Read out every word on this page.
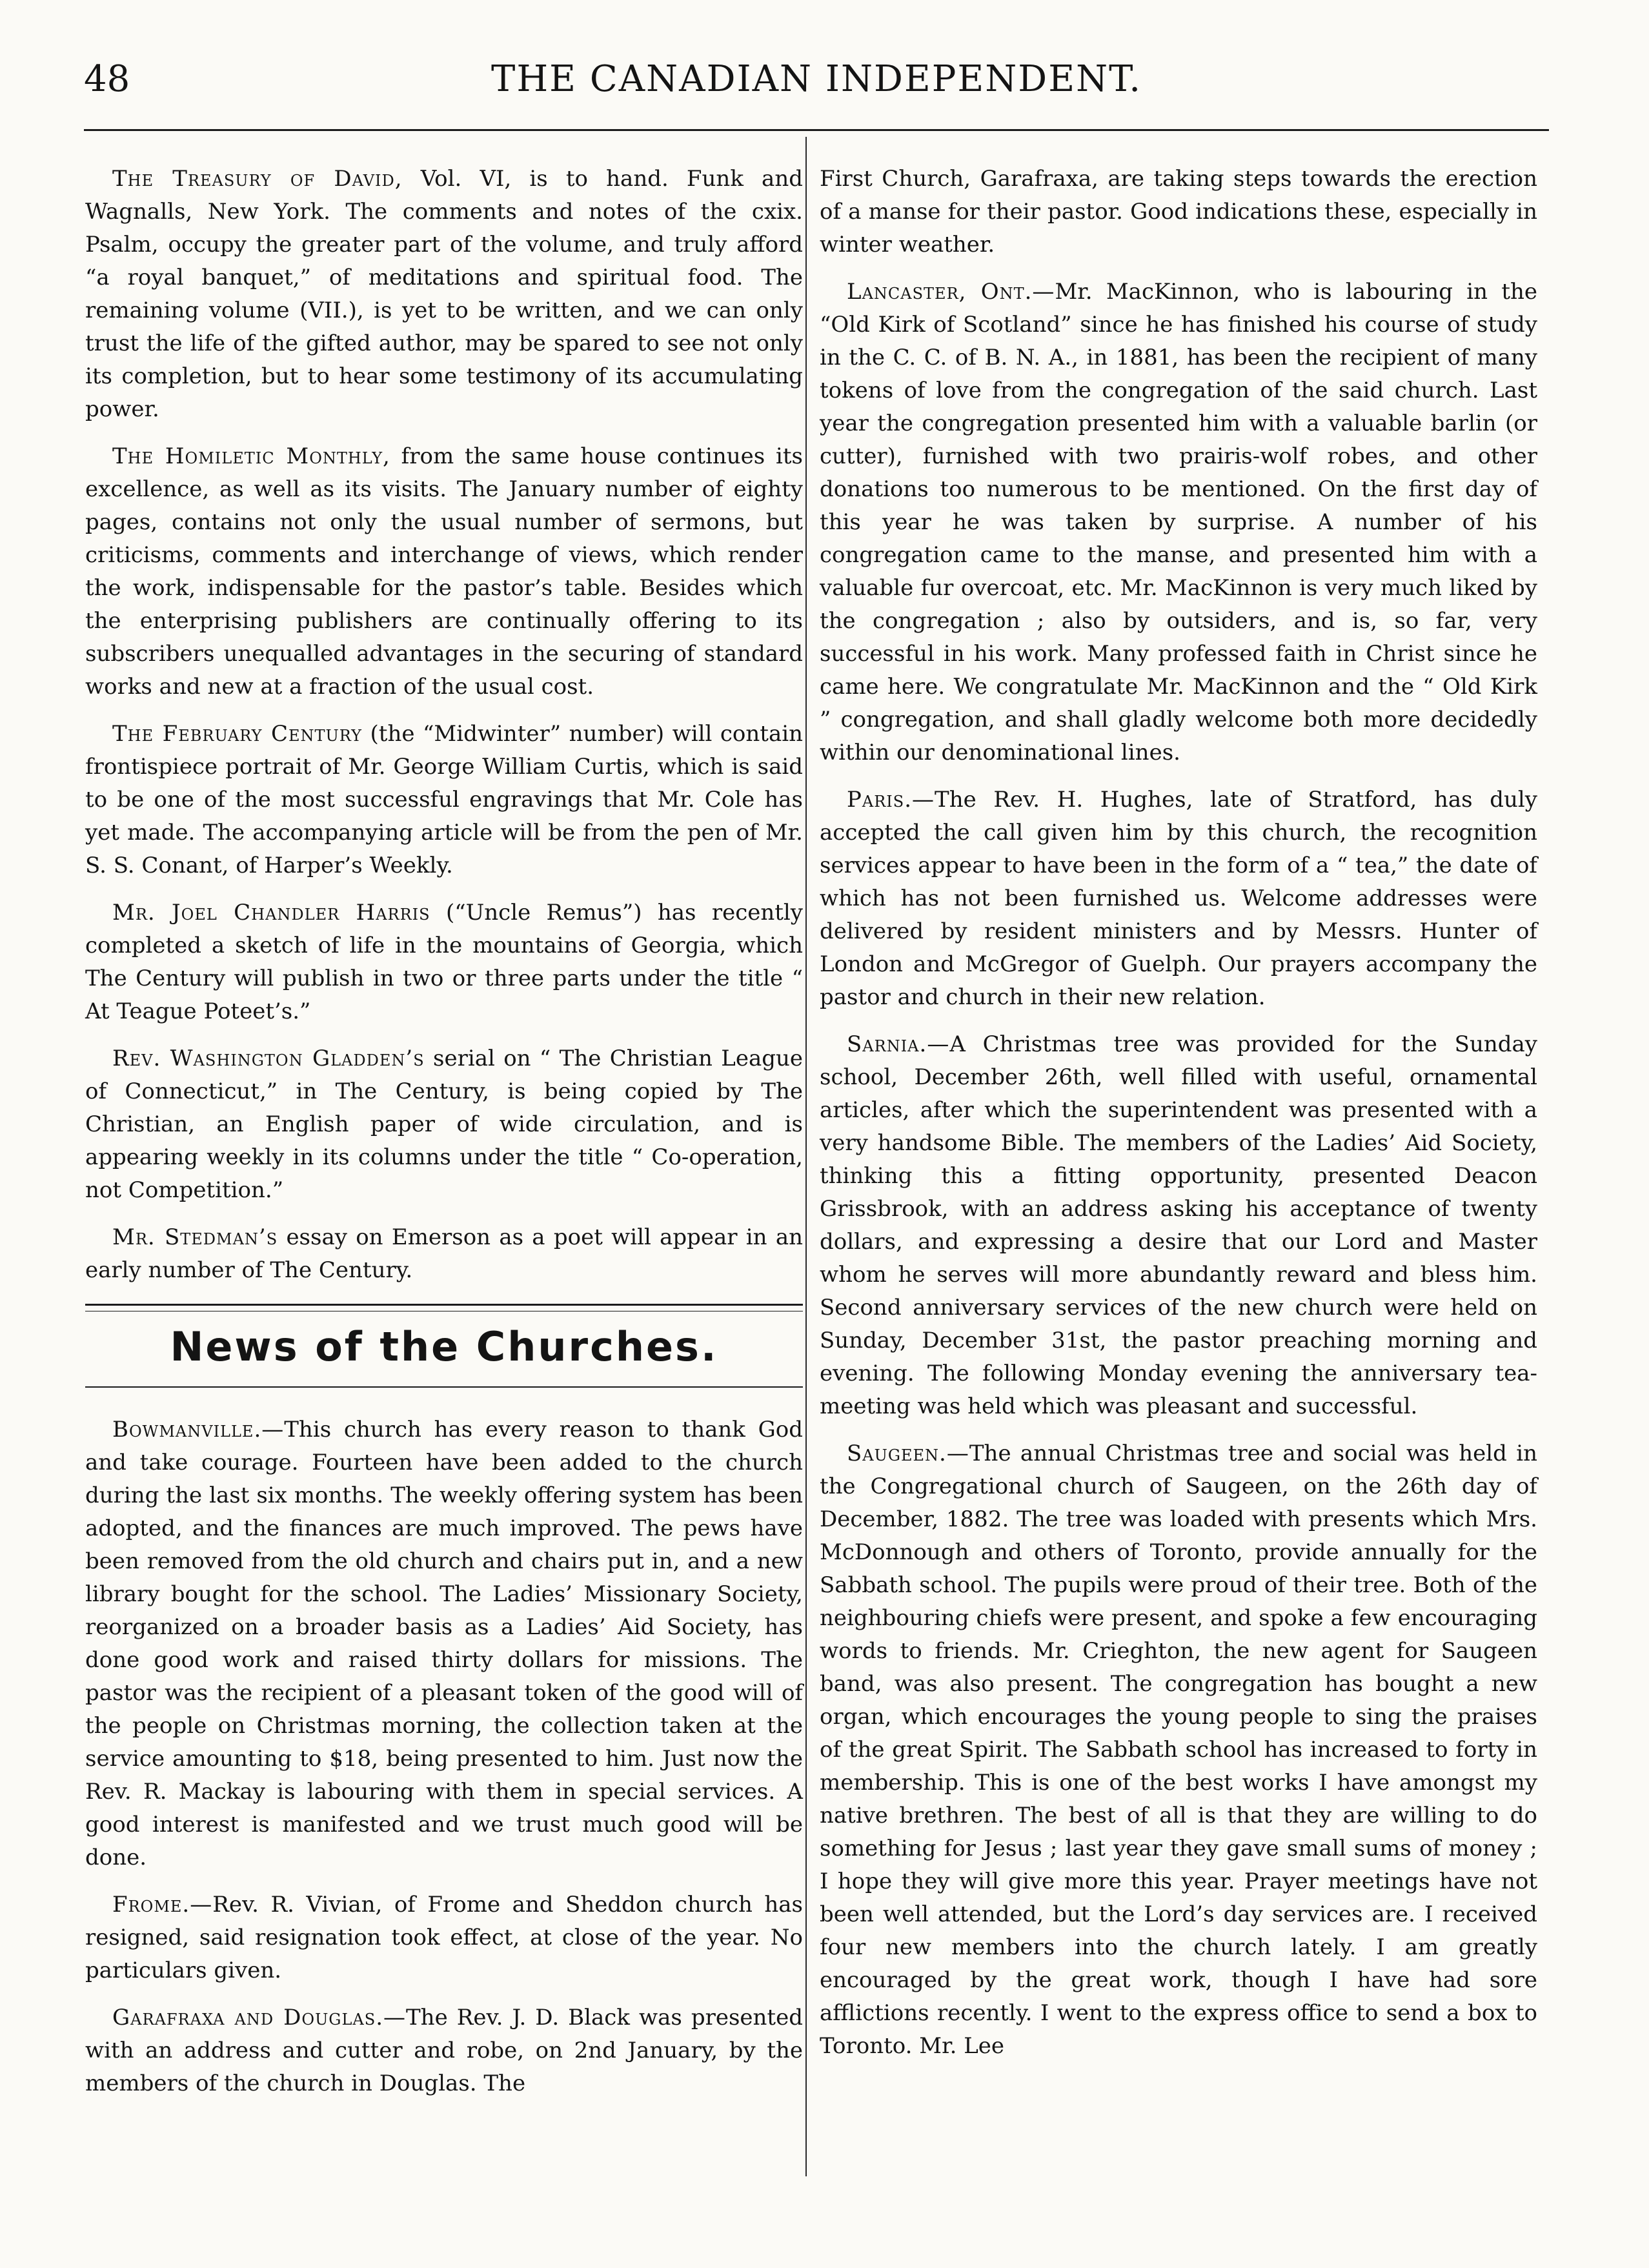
48	THE CANADIAN INDEPENDENT.

The Treasury of David, Vol. VI, is to hand. Funk and Wagnalls, New York. The comments and notes of the cxix. Psalm, occupy the greater part of the volume, and truly afford “a royal banquet,” of meditations and spiritual food. The remaining volume (VII.), is yet to be written, and we can only trust the life of the gifted author, may be spared to see not only its completion, but to hear some testimony of its accumulating power.

The Homiletic Monthly, from the same house continues its excellence, as well as its visits. The January number of eighty pages, contains not only the usual number of sermons, but criticisms, comments and interchange of views, which render the work, indispensable for the pastor’s table. Besides which the enterprising publishers are continually offering to its subscribers unequalled advantages in the securing of standard works and new at a fraction of the usual cost.

The February Century (the “Midwinter” number) will contain frontispiece portrait of Mr. George William Curtis, which is said to be one of the most successful engravings that Mr. Cole has yet made. The accompanying article will be from the pen of Mr. S. S. Conant, of Harper’s Weekly.

Mr. Joel Chandler Harris (“Uncle Remus”) has recently completed a sketch of life in the mountains of Georgia, which The Century will publish in two or three parts under the title “ At Teague Poteet’s.”

Rev. Washington Gladden’s serial on “ The Christian League of Connecticut,” in The Century, is being copied by The Christian, an English paper of wide circulation, and is appearing weekly in its columns under the title “ Co-operation, not Competition.”

Mr. Stedman’s essay on Emerson as a poet will appear in an early number of The Century.

News of the Churches.

Bowmanville.—This church has every reason to thank God and take courage. Fourteen have been added to the church during the last six months. The weekly offering system has been adopted, and the finances are much improved. The pews have been removed from the old church and chairs put in, and a new library bought for the school. The Ladies’ Missionary Society, reorganized on a broader basis as a Ladies’ Aid Society, has done good work and raised thirty dollars for missions. The pastor was the recipient of a pleasant token of the good will of the people on Christmas morning, the collection taken at the service amounting to $18, being presented to him. Just now the Rev. R. Mackay is labouring with them in special services. A good interest is manifested and we trust much good will be done.

Frome.—Rev. R. Vivian, of Frome and Sheddon church has resigned, said resignation took effect, at close of the year. No particulars given.

Garafraxa and Douglas.—The Rev. J. D. Black was presented with an address and cutter and robe, on 2nd January, by the members of the church in Douglas. The

First Church, Garafraxa, are taking steps towards the erection of a manse for their pastor. Good indications these, especially in winter weather.

Lancaster, Ont.—Mr. MacKinnon, who is labouring in the “Old Kirk of Scotland” since he has finished his course of study in the C. C. of B. N. A., in 1881, has been the recipient of many tokens of love from the congregation of the said church. Last year the congregation presented him with a valuable barlin (or cutter), furnished with two prairis-wolf robes, and other donations too numerous to be mentioned. On the first day of this year he was taken by surprise. A number of his congregation came to the manse, and presented him with a valuable fur overcoat, etc. Mr. MacKinnon is very much liked by the congregation ; also by outsiders, and is, so far, very successful in his work. Many professed faith in Christ since he came here. We congratulate Mr. MacKinnon and the “ Old Kirk ” congregation, and shall gladly welcome both more decidedly within our denominational lines.

Paris.—The Rev. H. Hughes, late of Stratford, has duly accepted the call given him by this church, the recognition services appear to have been in the form of a “ tea,” the date of which has not been furnished us. Welcome addresses were delivered by resident ministers and by Messrs. Hunter of London and McGregor of Guelph. Our prayers accompany the pastor and church in their new relation.

Sarnia.—A Christmas tree was provided for the Sunday school, December 26th, well filled with useful, ornamental articles, after which the superintendent was presented with a very handsome Bible. The members of the Ladies’ Aid Society, thinking this a fitting opportunity, presented Deacon Grissbrook, with an address asking his acceptance of twenty dollars, and expressing a desire that our Lord and Master whom he serves will more abundantly reward and bless him. Second anniversary services of the new church were held on Sunday, December 31st, the pastor preaching morning and evening. The following Monday evening the anniversary tea-meeting was held which was pleasant and successful.

Saugeen.—The annual Christmas tree and social was held in the Congregational church of Saugeen, on the 26th day of December, 1882. The tree was loaded with presents which Mrs. McDonnough and others of Toronto, provide annually for the Sabbath school. The pupils were proud of their tree. Both of the neighbouring chiefs were present, and spoke a few encouraging words to friends. Mr. Crieghton, the new agent for Saugeen band, was also present. The congregation has bought a new organ, which encourages the young people to sing the praises of the great Spirit. The Sabbath school has increased to forty in membership. This is one of the best works I have amongst my native brethren. The best of all is that they are willing to do something for Jesus ; last year they gave small sums of money ; I hope they will give more this year. Prayer meetings have not been well attended, but the Lord’s day services are. I received four new members into the church lately. I am greatly encouraged by the great work, though I have had sore afflictions recently. I went to the express office to send a box to Toronto. Mr. Lee
